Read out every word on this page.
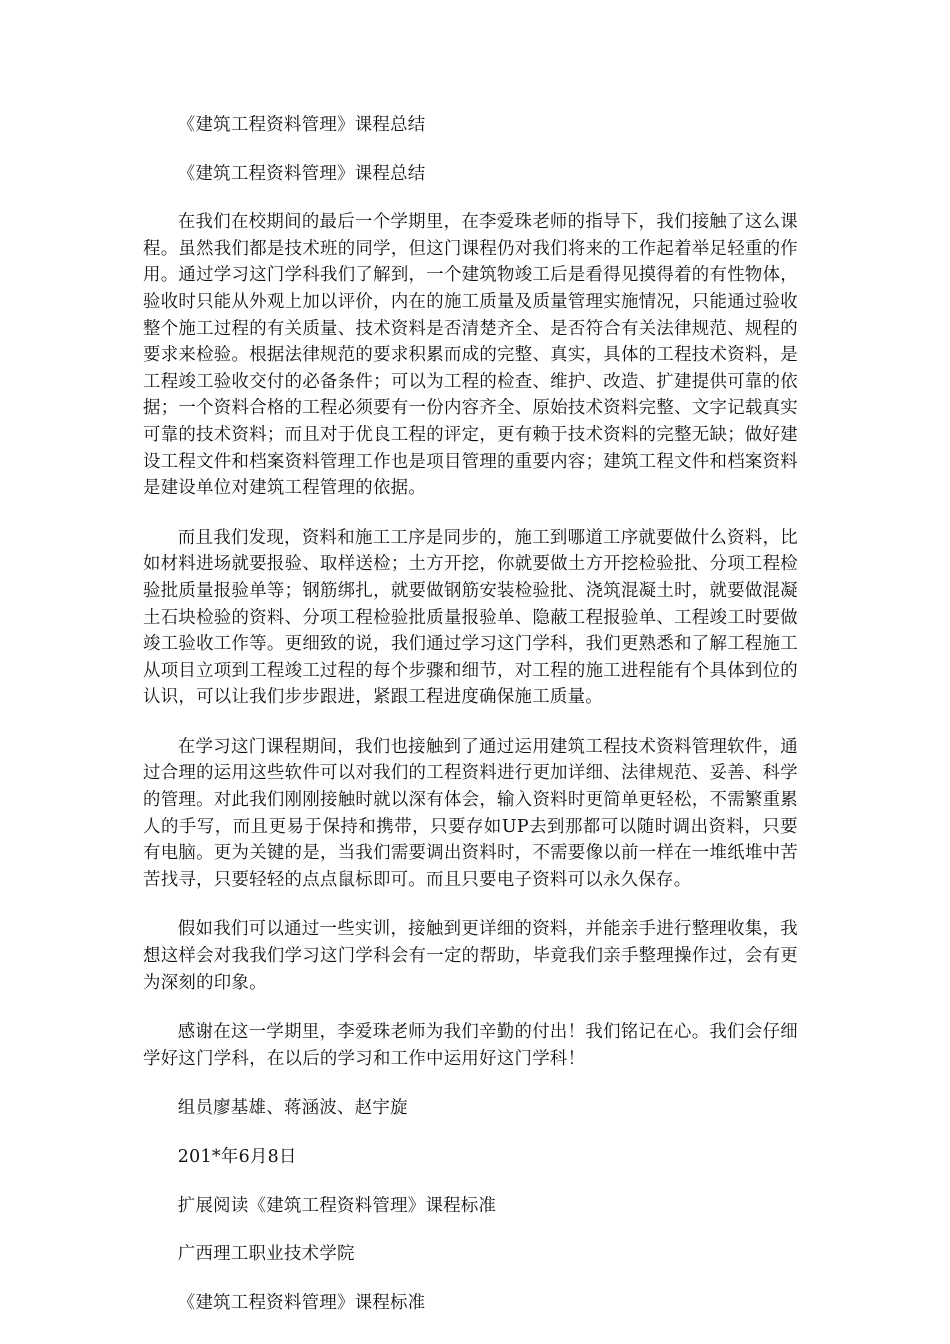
《建筑工程资料管理》课程总结

《建筑工程资料管理》课程总结

在我们在校期间的最后一个学期里，在李爱珠老师的指导下，我们接触了这么课程。虽然我们都是技术班的同学，但这门课程仍对我们将来的工作起着举足轻重的作用。通过学习这门学科我们了解到，一个建筑物竣工后是看得见摸得着的有性物体，验收时只能从外观上加以评价，内在的施工质量及质量管理实施情况，只能通过验收整个施工过程的有关质量、技术资料是否清楚齐全、是否符合有关法律规范、规程的要求来检验。根据法律规范的要求积累而成的完整、真实，具体的工程技术资料，是工程竣工验收交付的必备条件；可以为工程的检查、维护、改造、扩建提供可靠的依据；一个资料合格的工程必须要有一份内容齐全、原始技术资料完整、文字记载真实可靠的技术资料；而且对于优良工程的评定，更有赖于技术资料的完整无缺；做好建设工程文件和档案资料管理工作也是项目管理的重要内容；建筑工程文件和档案资料是建设单位对建筑工程管理的依据。

而且我们发现，资料和施工工序是同步的，施工到哪道工序就要做什么资料，比如材料进场就要报验、取样送检；土方开挖，你就要做土方开挖检验批、分项工程检验批质量报验单等；钢筋绑扎，就要做钢筋安装检验批、浇筑混凝土时，就要做混凝土石块检验的资料、分项工程检验批质量报验单、隐蔽工程报验单、工程竣工时要做竣工验收工作等。更细致的说，我们通过学习这门学科，我们更熟悉和了解工程施工从项目立项到工程竣工过程的每个步骤和细节，对工程的施工进程能有个具体到位的认识，可以让我们步步跟进，紧跟工程进度确保施工质量。

在学习这门课程期间，我们也接触到了通过运用建筑工程技术资料管理软件，通过合理的运用这些软件可以对我们的工程资料进行更加详细、法律规范、妥善、科学的管理。对此我们刚刚接触时就以深有体会，输入资料时更简单更轻松，不需繁重累人的手写，而且更易于保持和携带，只要存如UP去到那都可以随时调出资料，只要有电脑。更为关键的是，当我们需要调出资料时，不需要像以前一样在一堆纸堆中苦苦找寻，只要轻轻的点点鼠标即可。而且只要电子资料可以永久保存。

假如我们可以通过一些实训，接触到更详细的资料，并能亲手进行整理收集，我想这样会对我我们学习这门学科会有一定的帮助，毕竟我们亲手整理操作过，会有更为深刻的印象。

感谢在这一学期里，李爱珠老师为我们辛勤的付出！我们铭记在心。我们会仔细学好这门学科，在以后的学习和工作中运用好这门学科！

组员廖基雄、蒋涵波、赵宇旋

201*年6月8日

扩展阅读《建筑工程资料管理》课程标准

广西理工职业技术学院

《建筑工程资料管理》课程标准
